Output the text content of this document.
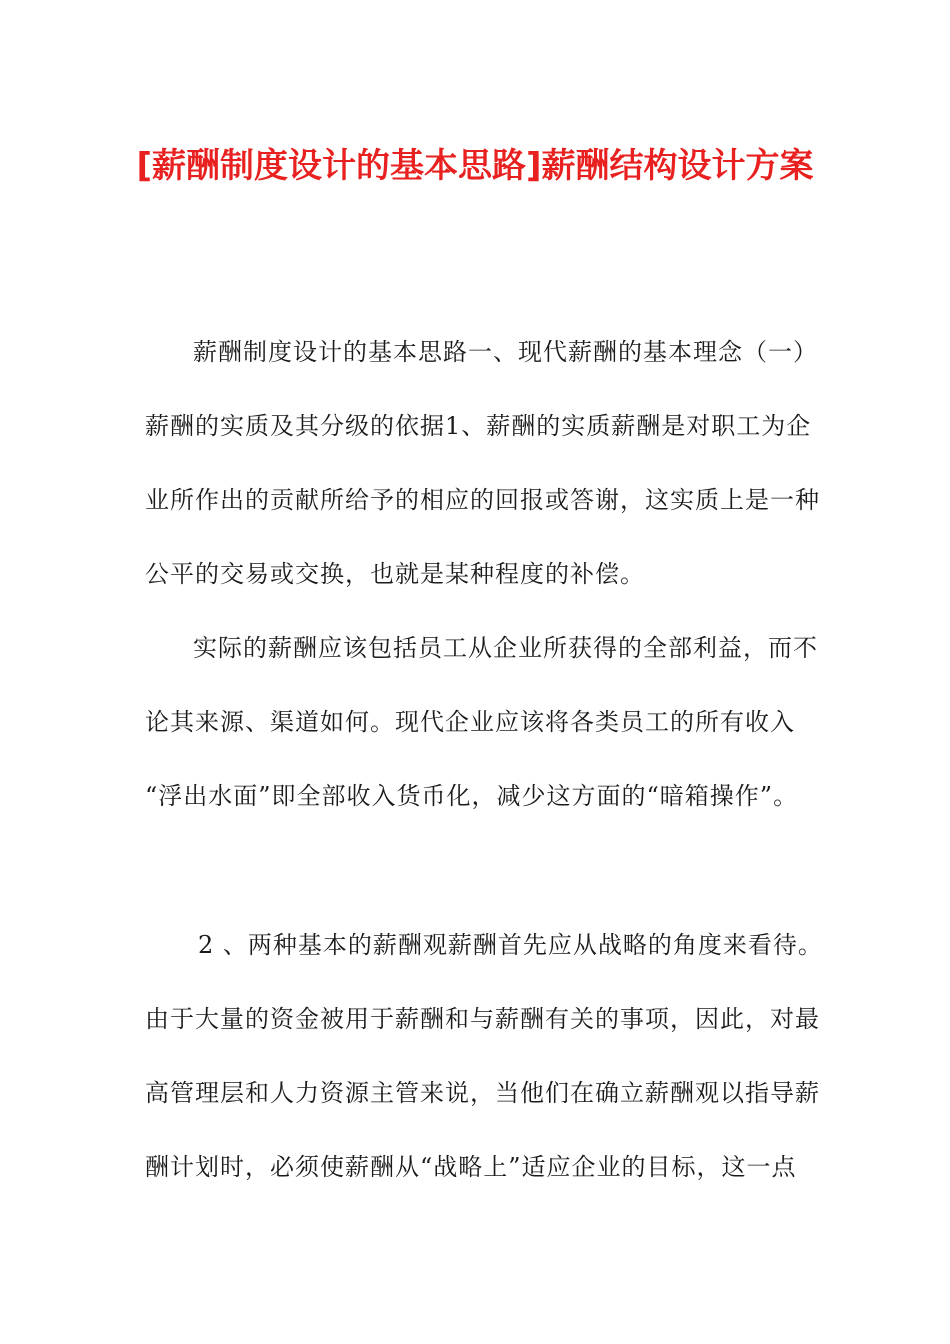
[薪酬制度设计的基本思路]薪酬结构设计方案
薪酬制度设计的基本思路一、现代薪酬的基本理念（一）
薪酬的实质及其分级的依据1、薪酬的实质薪酬是对职工为企
业所作出的贡献所给予的相应的回报或答谢，这实质上是一种
公平的交易或交换，也就是某种程度的补偿。
实际的薪酬应该包括员工从企业所获得的全部利益，而不
论其来源、渠道如何。现代企业应该将各类员工的所有收入
“浮出水面”即全部收入货币化，减少这方面的“暗箱操作”。
2 、两种基本的薪酬观薪酬首先应从战略的角度来看待。
由于大量的资金被用于薪酬和与薪酬有关的事项，因此，对最
高管理层和人力资源主管来说，当他们在确立薪酬观以指导薪
酬计划时，必须使薪酬从“战略上”适应企业的目标，这一点
